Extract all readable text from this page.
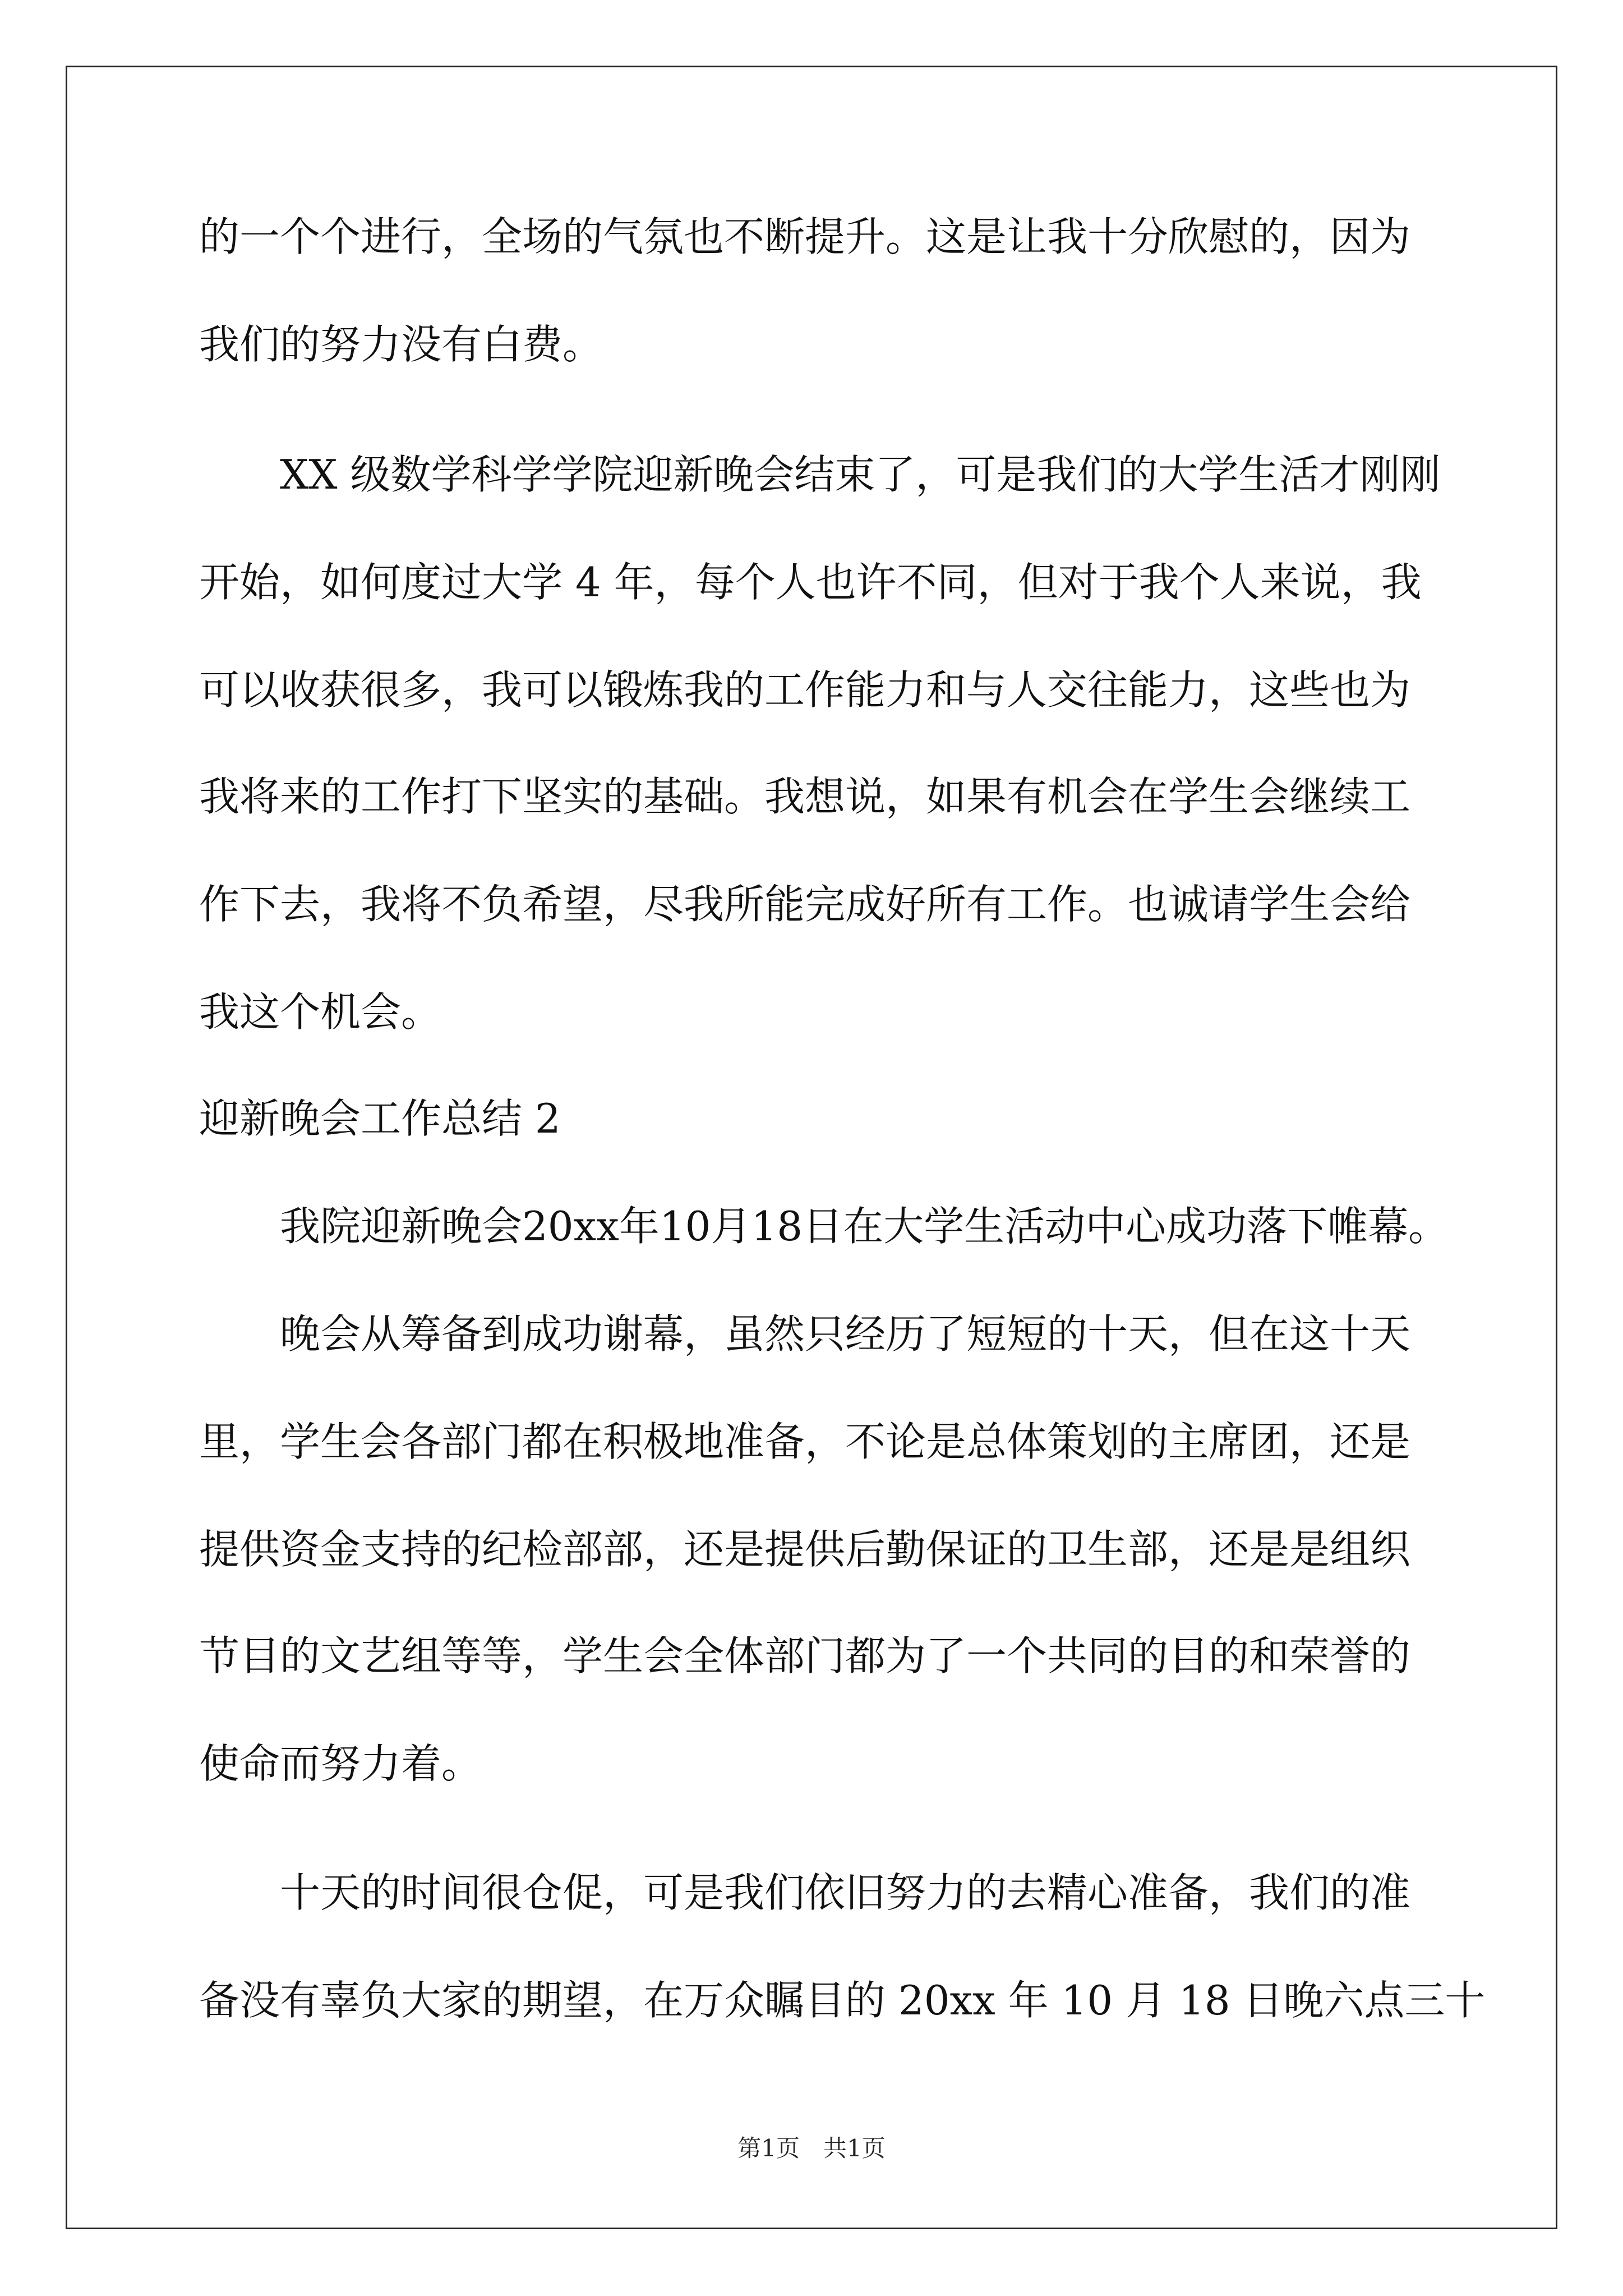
的一个个进行，全场的气氛也不断提升。这是让我十分欣慰的，因为
我们的努力没有白费。
　　XX 级数学科学学院迎新晚会结束了，可是我们的大学生活才刚刚
开始，如何度过大学 4 年，每个人也许不同，但对于我个人来说，我
可以收获很多，我可以锻炼我的工作能力和与人交往能力，这些也为
我将来的工作打下坚实的基础。我想说，如果有机会在学生会继续工
作下去，我将不负希望，尽我所能完成好所有工作。也诚请学生会给
我这个机会。
迎新晚会工作总结 2
　　我院迎新晚会20xx年10月18日在大学生活动中心成功落下帷幕。
　　晚会从筹备到成功谢幕，虽然只经历了短短的十天，但在这十天
里，学生会各部门都在积极地准备，不论是总体策划的主席团，还是
提供资金支持的纪检部部，还是提供后勤保证的卫生部，还是是组织
节目的文艺组等等，学生会全体部门都为了一个共同的目的和荣誉的
使命而努力着。
　　十天的时间很仓促，可是我们依旧努力的去精心准备，我们的准
备没有辜负大家的期望，在万众瞩目的 20xx 年 10 月 18 日晚六点三十
第1页　共1页
